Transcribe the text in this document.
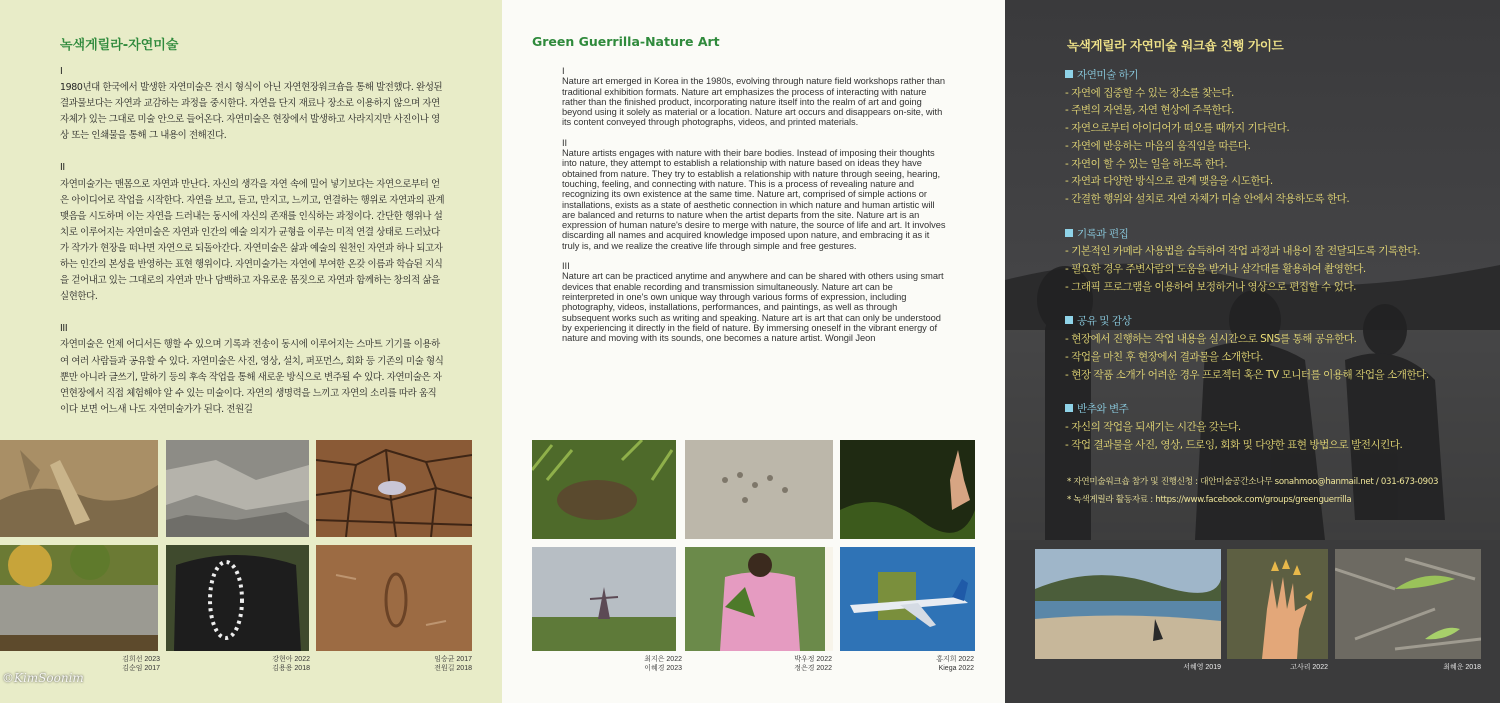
녹색게릴라-자연미술

I
1980년대 한국에서 발생한 자연미술은 전시 형식이 아닌 자연현장워크숍을 통해 발전했다. 완성된 결과물보다는 자연과 교감하는 과정을 중시한다. 자연을 단지 재료나 장소로 이용하지 않으며 자연 자체가 있는 그대로 미술 안으로 들어온다. 자연미술은 현장에서 발생하고 사라지지만 사진이나 영상 또는 인쇄물을 통해 그 내용이 전해진다.

II
자연미술가는 맨몸으로 자연과 만난다. 자신의 생각을 자연 속에 밀어 넣기보다는 자연으로부터 얻은 아이디어로 작업을 시작한다. 자연을 보고, 듣고, 만지고, 느끼고, 연결하는 행위로 자연과의 관계 맺음을 시도하며 이는 자연을 드러내는 동시에 자신의 존재를 인식하는 과정이다. 간단한 행위나 설치로 이루어지는 자연미술은 자연과 인간의 예술 의지가 균형을 이루는 미적 연결 상태로 드러났다가 작가가 현장을 떠나면 자연으로 되돌아간다. 자연미술은 삶과 예술의 원천인 자연과 하나 되고자 하는 인간의 본성을 반영하는 표현 행위이다. 자연미술가는 자연에 부여한 온갖 이름과 학습된 지식을 걷어내고 있는 그대로의 자연과 만나 담백하고 자유로운 몸짓으로 자연과 함께하는 창의적 삶을 실현한다.

III
자연미술은 언제 어디서든 행할 수 있으며 기록과 전송이 동시에 이루어지는 스마트 기기를 이용하여 여러 사람들과 공유할 수 있다. 자연미술은 사진, 영상, 설치, 퍼포먼스, 회화 등 기존의 미술 형식뿐만 아니라 글쓰기, 말하기 등의 후속 작업을 통해 새로운 방식으로 변주될 수 있다. 자연미술은 자연현장에서 직접 체험해야 알 수 있는 미술이다. 자연의 생명력을 느끼고 자연의 소리를 따라 움직이다 보면 어느새 나도 자연미술가가 된다. 전원길

김희선 2023
김순임 2017
강현아 2022
김용용 2018
임승균 2017
전원길 2018
Green Guerrilla-Nature Art

I
Nature art emerged in Korea in the 1980s, evolving through nature field workshops rather than traditional exhibition formats. Nature art emphasizes the process of interacting with nature rather than the finished product, incorporating nature itself into the realm of art and going beyond using it solely as material or a location. Nature art occurs and disappears on-site, with its content conveyed through photographs, videos, and printed materials.

II
Nature artists engages with nature with their bare bodies. Instead of imposing their thoughts into nature, they attempt to establish a relationship with nature based on ideas they have obtained from nature. They try to establish a relationship with nature through seeing, hearing, touching, feeling, and connecting with nature. This is a process of revealing nature and recognizing its own existence at the same time. Nature art, comprised of simple actions or installations, exists as a state of aesthetic connection in which nature and human artistic will are balanced and returns to nature when the artist departs from the site. Nature art is an expression of human nature's desire to merge with nature, the source of life and art. It involves discarding all names and acquired knowledge imposed upon nature, and embracing it as it truly is, and we realize the creative life through simple and free gestures.

III
Nature art can be practiced anytime and anywhere and can be shared with others using smart devices that enable recording and transmission simultaneously. Nature art can be reinterpreted in one's own unique way through various forms of expression, including photography, videos, installations, performances, and paintings, as well as through subsequent works such as writing and speaking. Nature art is art that can only be understood by experiencing it directly in the field of nature. By immersing oneself in the vibrant energy of nature and moving with its sounds, one becomes a nature artist. Wongil Jeon

최지은 2022
이혜경 2023
박우정 2022
정은경 2022
홍지희 2022
Kiega 2022
녹색게릴라 자연미술 워크숍 진행 가이드
자연미술 하기
- 자연에 집중할 수 있는 장소를 찾는다.
- 주변의 자연물, 자연 현상에 주목한다.
- 자연으로부터 아이디어가 떠오를 때까지 기다린다.
- 자연에 반응하는 마음의 움직임을 따른다.
- 자연이 할 수 있는 일을 하도록 한다.
- 자연과 다양한 방식으로 관계 맺음을 시도한다.
- 간결한 행위와 설치로 자연 자체가 미술 안에서 작용하도록 한다.
기록과 편집
- 기본적인 카메라 사용법을 습득하여 작업 과정과 내용이 잘 전달되도록 기록한다.
- 필요한 경우 주변사람의 도움을 받거나 삼각대를 활용하여 촬영한다.
- 그래픽 프로그램을 이용하여 보정하거나 영상으로 편집할 수 있다.
공유 및 감상
- 현장에서 진행하는 작업 내용을 실시간으로 SNS를 통해 공유한다.
- 작업을 마친 후 현장에서 결과물을 소개한다.
- 현장 작품 소개가 어려운 경우 프로젝터 혹은 TV 모니터를 이용해 작업을 소개한다.
반추와 변주
- 자신의 작업을 되새기는 시간을 갖는다.
- 작업 결과물을 사진, 영상, 드로잉, 회화 및 다양한 표현 방법으로 발전시킨다.
* 자연미술워크숍 참가 및 진행신청 : 대안미술공간소나무 sonahmoo@hanmail.net / 031-673-0903
* 녹색게릴라 활동자료 : https://www.facebook.com/groups/greenguerrilla
서혜영 2019	고사리 2022	최혜운 2018
©KimSoonim
